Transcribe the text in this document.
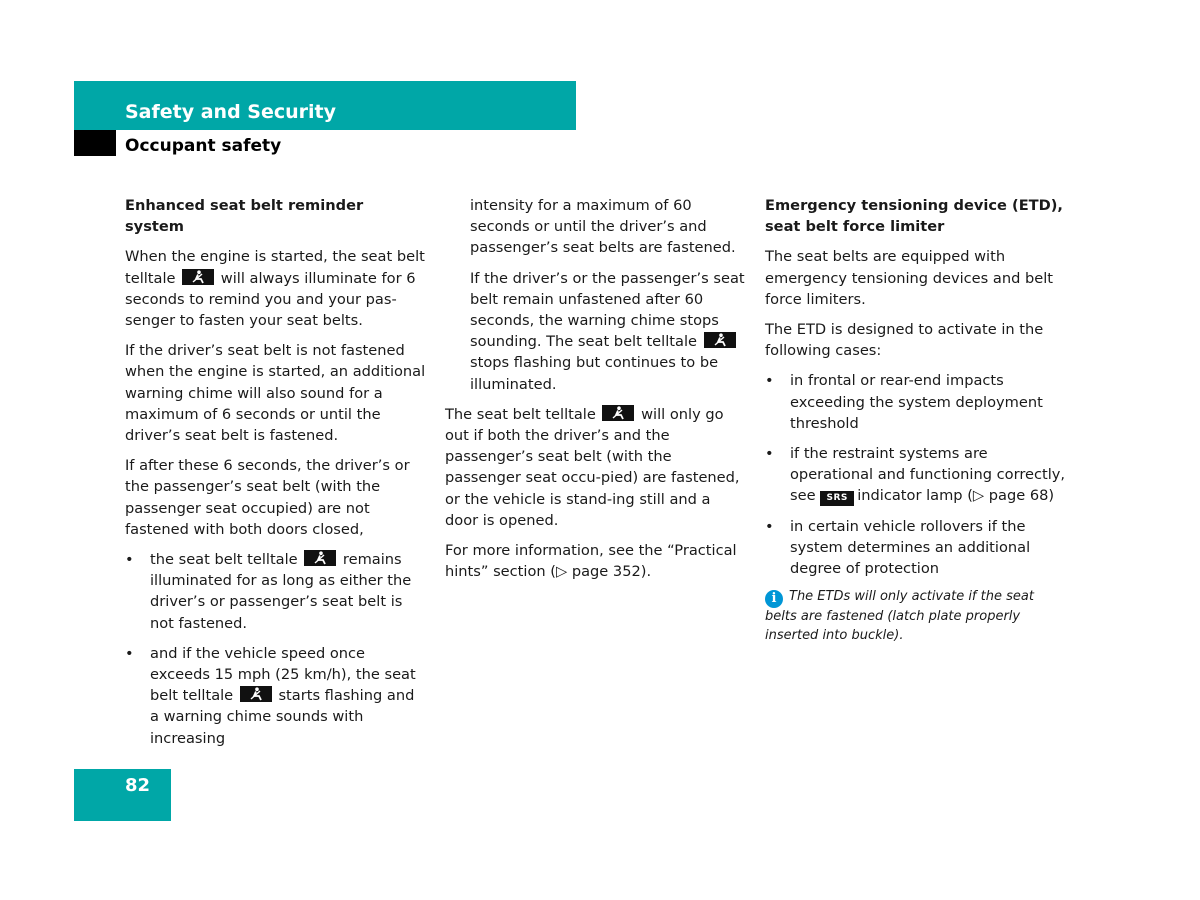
Safety and Security
Occupant safety

Enhanced seat belt reminder system

When the engine is started, the seat belt telltale	will always illuminate for 6 seconds to remind you and your pas-senger to fasten your seat belts.

If the driver’s seat belt is not fastened when the engine is started, an additional warning chime will also sound for a maximum of 6 seconds or until the driver’s seat belt is fastened.

If after these 6 seconds, the driver’s or the passenger’s seat belt (with the passenger seat occupied) are not fastened with both doors closed,

• the seat belt telltale	remains illuminated for as long as either the driver’s or passenger’s seat belt is not fastened.

• and if the vehicle speed once exceeds 15 mph (25 km/h), the seat belt telltale	starts flashing and a warning chime sounds with increasing

intensity for a maximum of 60 seconds or until the driver’s and passenger’s seat belts are fastened.

If the driver’s or the passenger’s seat belt remain unfastened after 60 seconds, the warning chime stops sounding. The seat belt telltale
stops flashing but continues to be illuminated.

The seat belt telltale	will only go out if both the driver’s and the passenger’s seat belt (with the passenger seat occu-pied) are fastened, or the vehicle is stand-ing still and a door is opened.

For more information, see the “Practical hints” section (▷ page 352).

Emergency tensioning device (ETD), seat belt force limiter

The seat belts are equipped with emergency tensioning devices and belt force limiters.

The ETD is designed to activate in the following cases:

• in frontal or rear-end impacts exceeding the system deployment threshold

• if the restraint systems are operational and functioning correctly, see SRS indicator lamp (▷ page 68)

• in certain vehicle rollovers if the system determines an additional degree of protection

i The ETDs will only activate if the seat belts are fastened (latch plate properly inserted into buckle).

82
